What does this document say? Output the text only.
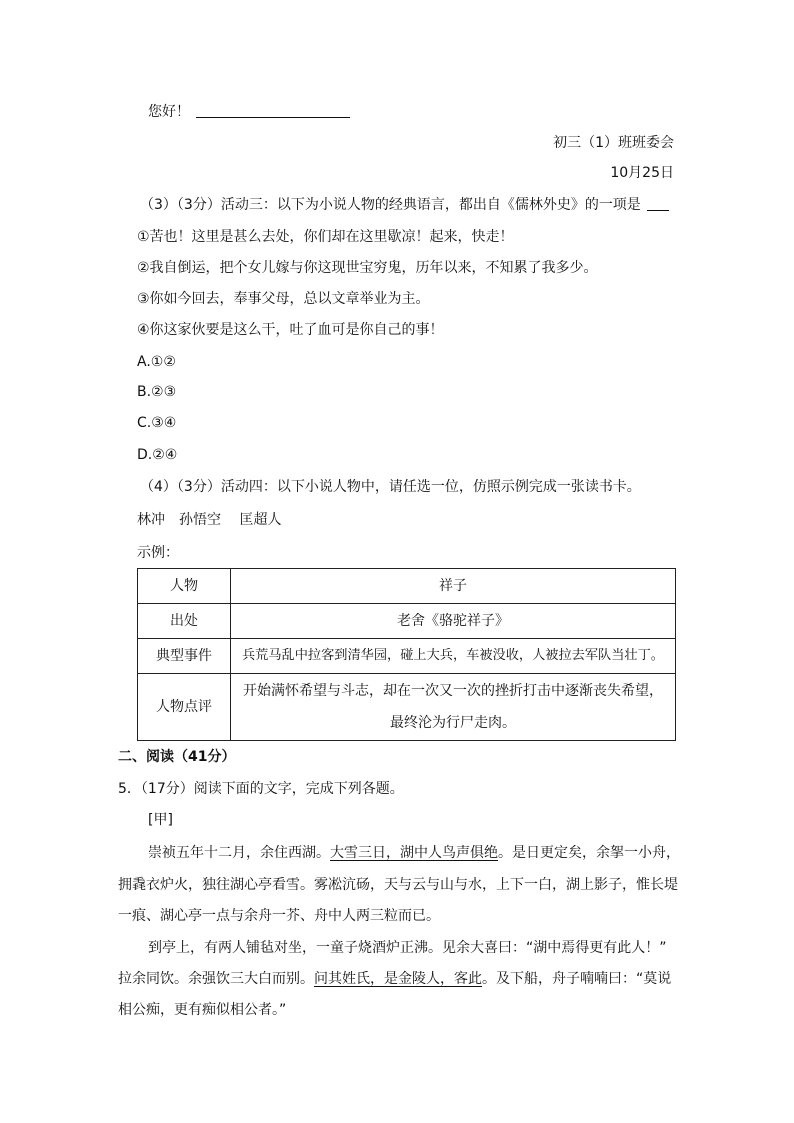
您好！
初三（1）班班委会
10月25日
（3）（3分）活动三：以下为小说人物的经典语言，都出自《儒林外史》的一项是
①苦也！这里是甚么去处，你们却在这里歇凉！起来，快走！
②我自倒运，把个女儿嫁与你这现世宝穷鬼，历年以来，不知累了我多少。
③你如今回去，奉事父母，总以文章举业为主。
④你这家伙要是这么干，吐了血可是你自己的事！
A.①②
B.②③
C.③④
D.②④
（4）（3分）活动四：以下小说人物中，请任选一位，仿照示例完成一张读书卡。
林冲　孙悟空　 匡超人
示例：
人物	祥子
出处	老舍《骆驼祥子》
典型事件	兵荒马乱中拉客到清华园，碰上大兵，车被没收，人被拉去军队当壮丁。
人物点评	开始满怀希望与斗志，却在一次又一次的挫折打击中逐渐丧失希望，最终沦为行尸走肉。
二、阅读（41分）
5．（17分）阅读下面的文字，完成下列各题。
[甲]
崇祯五年十二月，余住西湖。大雪三日，湖中人鸟声俱绝。是日更定矣，余挐一小舟，
拥毳衣炉火，独往湖心亭看雪。雾凇沆砀，天与云与山与水，上下一白，湖上影子，惟长堤
一痕、湖心亭一点与余舟一芥、舟中人两三粒而已。
到亭上，有两人铺毡对坐，一童子烧酒炉正沸。见余大喜曰：“湖中焉得更有此人！”
拉余同饮。余强饮三大白而别。问其姓氏，是金陵人，客此。及下船，舟子喃喃曰：“莫说
相公痴，更有痴似相公者。”
